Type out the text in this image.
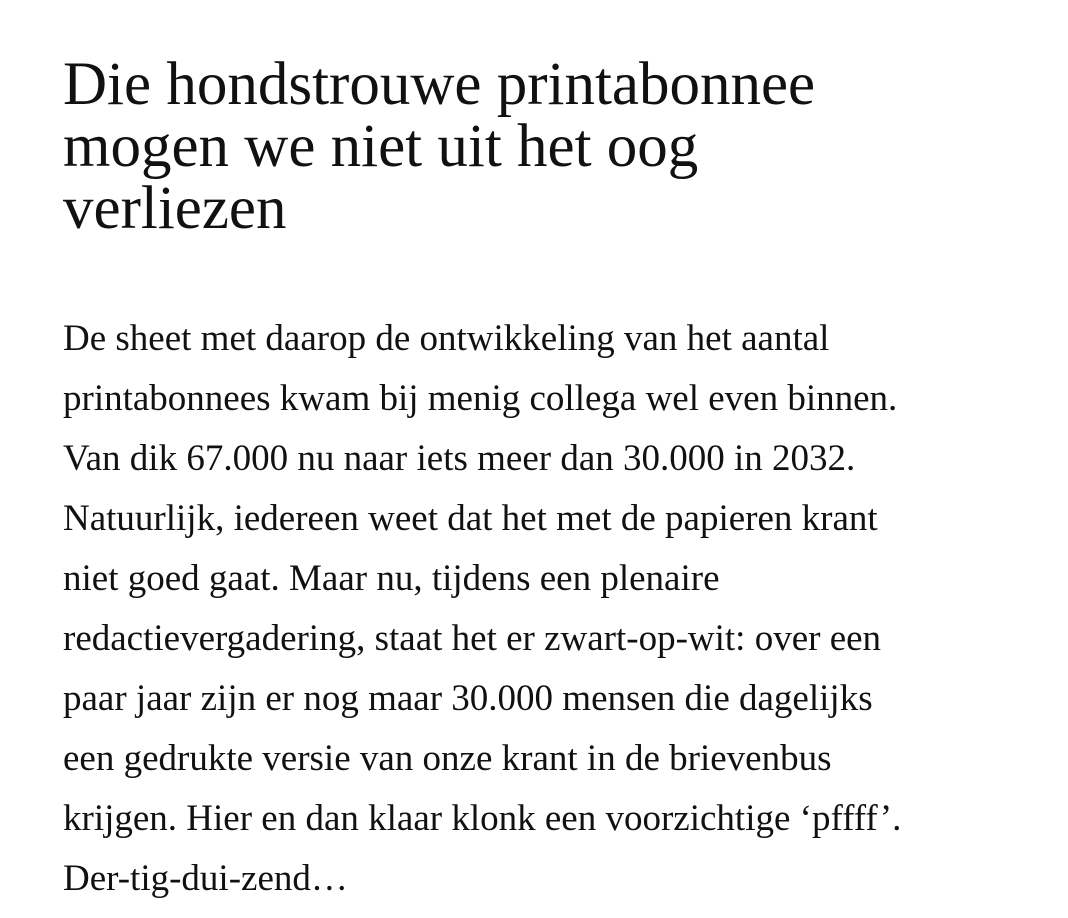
Die hondstrouwe printabonnee
mogen we niet uit het oog
verliezen

De sheet met daarop de ontwikkeling van het aantal
printabonnees kwam bij menig collega wel even binnen.
Van dik 67.000 nu naar iets meer dan 30.000 in 2032.
Natuurlijk, iedereen weet dat het met de papieren krant
niet goed gaat. Maar nu, tijdens een plenaire
redactievergadering, staat het er zwart-op-wit: over een
paar jaar zijn er nog maar 30.000 mensen die dagelijks
een gedrukte versie van onze krant in de brievenbus
krijgen. Hier en dan klaar klonk een voorzichtige ‘pffff’.
Der-tig-dui-zend…
